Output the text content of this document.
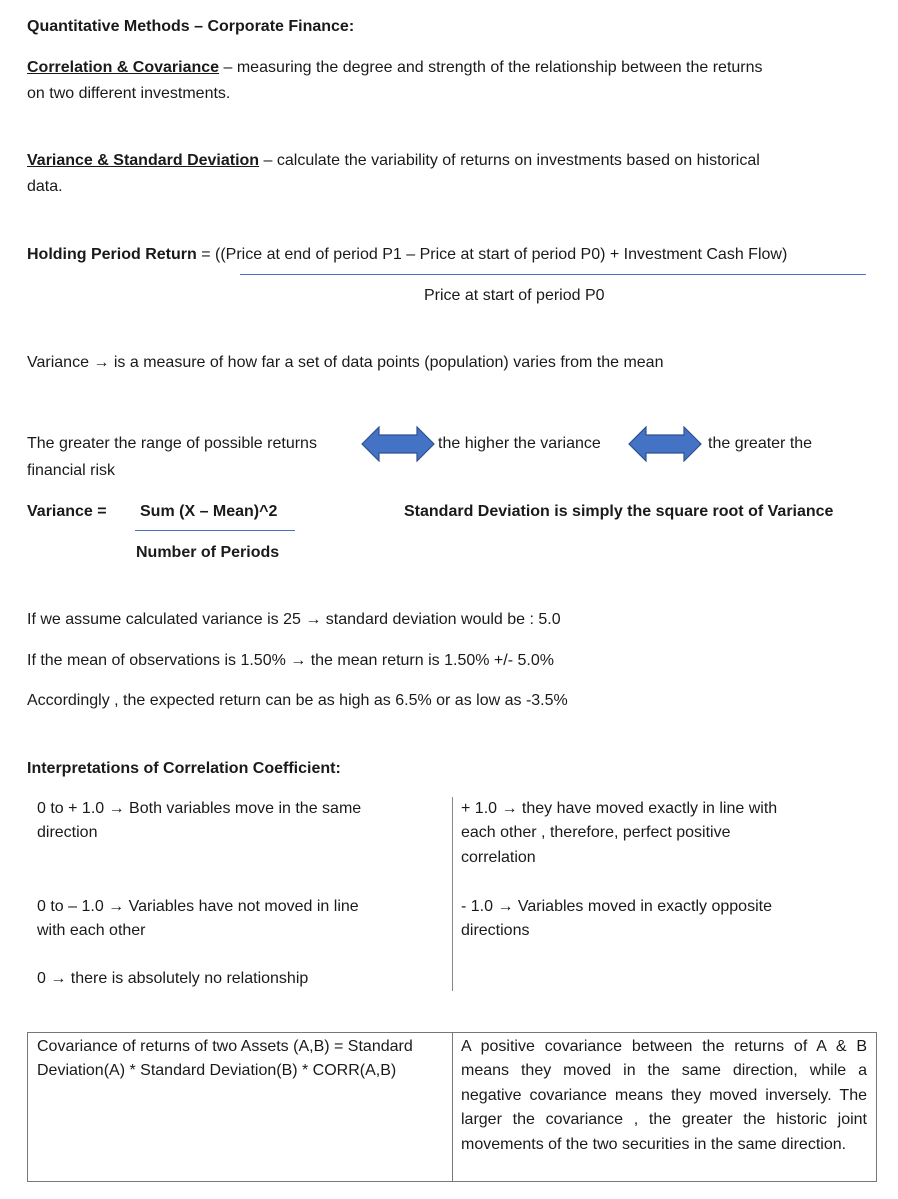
Quantitative Methods – Corporate Finance:
Correlation & Covariance – measuring the degree and strength of the relationship between the returns
on two different investments.
Variance & Standard Deviation – calculate the variability of returns on investments based on historical
data.
Holding Period Return = ((Price at end of period P1 – Price at start of period P0) + Investment Cash Flow)
Price at start of period P0
Variance → is a measure of how far a set of data points (population) varies from the mean
The greater the range of possible returns	the higher the variance	the greater the
financial risk
Variance = Sum (X – Mean)^2
Number of Periods
Standard Deviation is simply the square root of Variance
If we assume calculated variance is 25 → standard deviation would be : 5.0
If the mean of observations is 1.50% → the mean return is 1.50% +/- 5.0%
Accordingly , the expected return can be as high as 6.5% or as low as -3.5%
Interpretations of Correlation Coefficient:
0 to + 1.0 → Both variables move in the same
direction
0 to – 1.0 → Variables have not moved in line
with each other
0 → there is absolutely no relationship
+ 1.0 → they have moved exactly in line with
each other , therefore, perfect positive
correlation
- 1.0 → Variables moved in exactly opposite
directions
Covariance of returns of two Assets (A,B) = Standard Deviation(A) * Standard Deviation(B) * CORR(A,B)
A positive covariance between the returns of A & B means they moved in the same direction, while a negative covariance means they moved inversely. The larger the covariance , the greater the historic joint movements of the two securities in the same direction.
